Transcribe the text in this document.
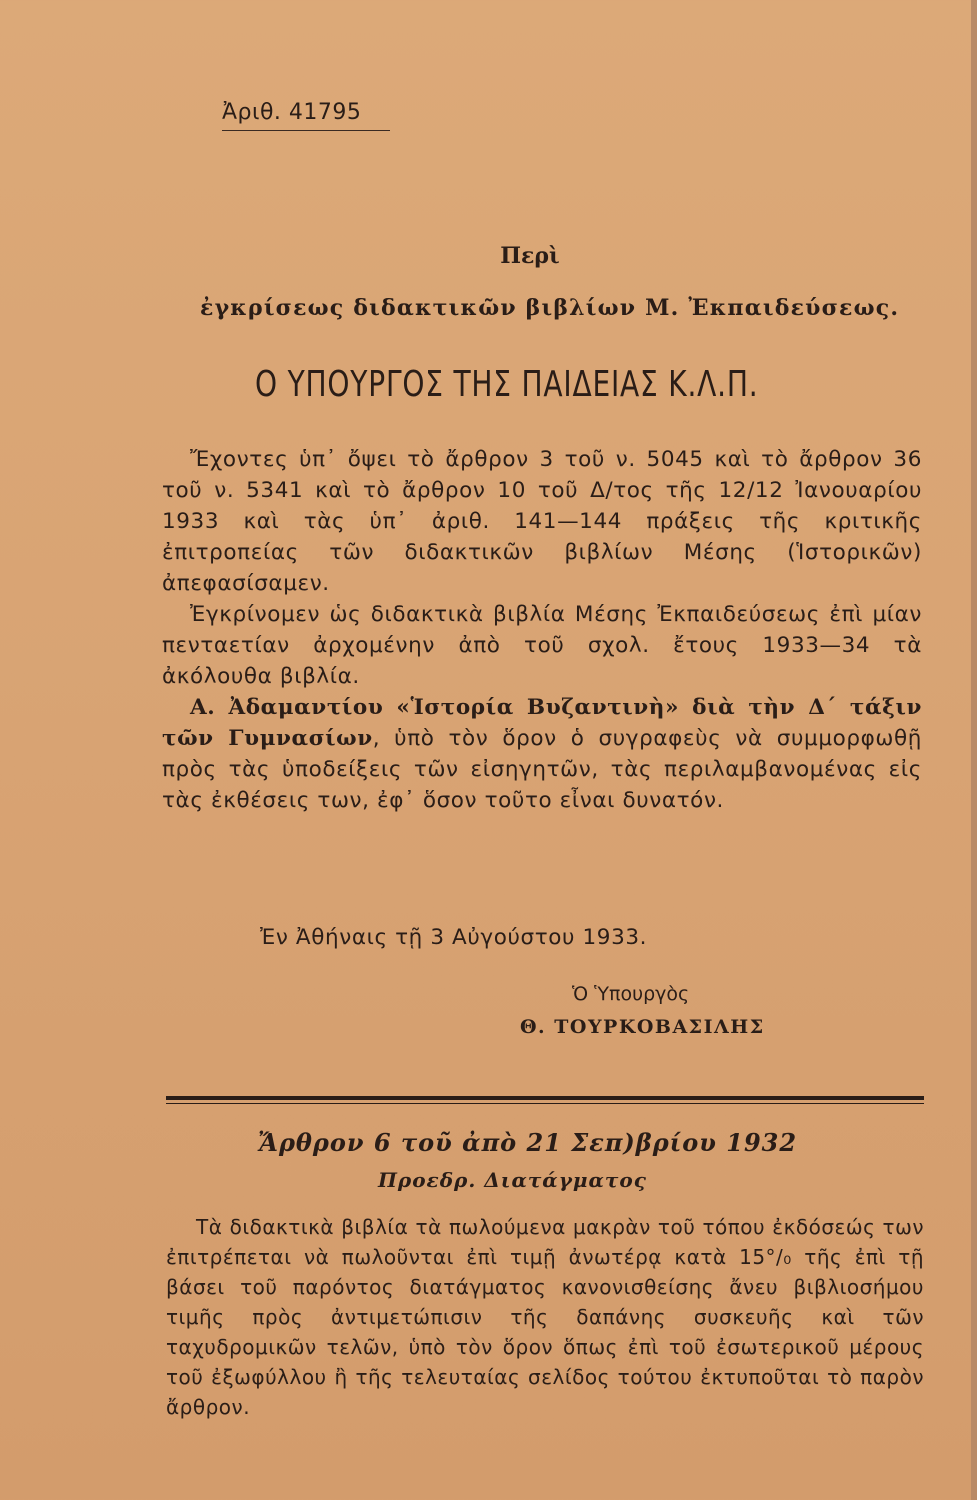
Ἀριθ. 41795
Περὶ
ἐγκρίσεως διδακτικῶν βιβλίων Μ. Ἐκπαιδεύσεως.
Ο ΥΠΟΥΡΓΟΣ ΤΗΣ ΠΑΙΔΕΙΑΣ Κ.Λ.Π.

Ἔχοντες ὑπ᾽ ὄψει τὸ ἄρθρον 3 τοῦ ν. 5045 καὶ τὸ ἄρθρον 36 τοῦ ν. 5341 καὶ τὸ ἄρθρον 10 τοῦ Δ/τος τῆς 12/12 Ἰανουαρίου 1933 καὶ τὰς ὑπ᾽ ἀριθ. 141—144 πράξεις τῆς κριτικῆς ἐπιτροπείας τῶν διδακτικῶν βιβλίων Μέσης (Ἱστορικῶν) ἀπεφασίσαμεν.

Ἐγκρίνομεν ὡς διδακτικὰ βιβλία Μέσης Ἐκπαιδεύσεως ἐπὶ μίαν πενταετίαν ἀρχομένην ἀπὸ τοῦ σχολ. ἔτους 1933—34 τὰ ἀκόλουθα βιβλία.

Α. Ἀδαμαντίου «Ἱστορία Βυζαντινὴ» διὰ τὴν Δ΄ τάξιν τῶν Γυμνασίων, ὑπὸ τὸν ὅρον ὁ συγραφεὺς νὰ συμμορφωθῇ πρὸς τὰς ὑποδείξεις τῶν εἰσηγητῶν, τὰς περιλαμβανομένας εἰς τὰς ἐκθέσεις των, ἐφ᾽ ὅσον τοῦτο εἶναι δυνατόν.

Ἐν Ἀθήναις τῇ 3 Αὐγούστου 1933.
Ὁ Ὑπουργὸς
Θ. ΤΟΥΡΚΟΒΑΣΙΛΗΣ
Ἄρθρον 6 τοῦ ἀπὸ 21 Σεπ)βρίου 1932
Προεδρ. Διατάγματος

Τὰ διδακτικὰ βιβλία τὰ πωλούμενα μακρὰν τοῦ τόπου ἐκδόσεώς των ἐπιτρέπεται νὰ πωλοῦνται ἐπὶ τιμῇ ἀνωτέρᾳ κατὰ 15°/₀ τῆς ἐπὶ τῇ βάσει τοῦ παρόντος διατάγματος κανονισθείσης ἄνευ βιβλιοσήμου τιμῆς πρὸς ἀντιμετώπισιν τῆς δαπάνης συσκευῆς καὶ τῶν ταχυδρομικῶν τελῶν, ὑπὸ τὸν ὅρον ὅπως ἐπὶ τοῦ ἐσωτερικοῦ μέρους τοῦ ἐξωφύλλου ἢ τῆς τελευταίας σελίδος τούτου ἐκτυποῦται τὸ παρὸν ἄρθρον.
